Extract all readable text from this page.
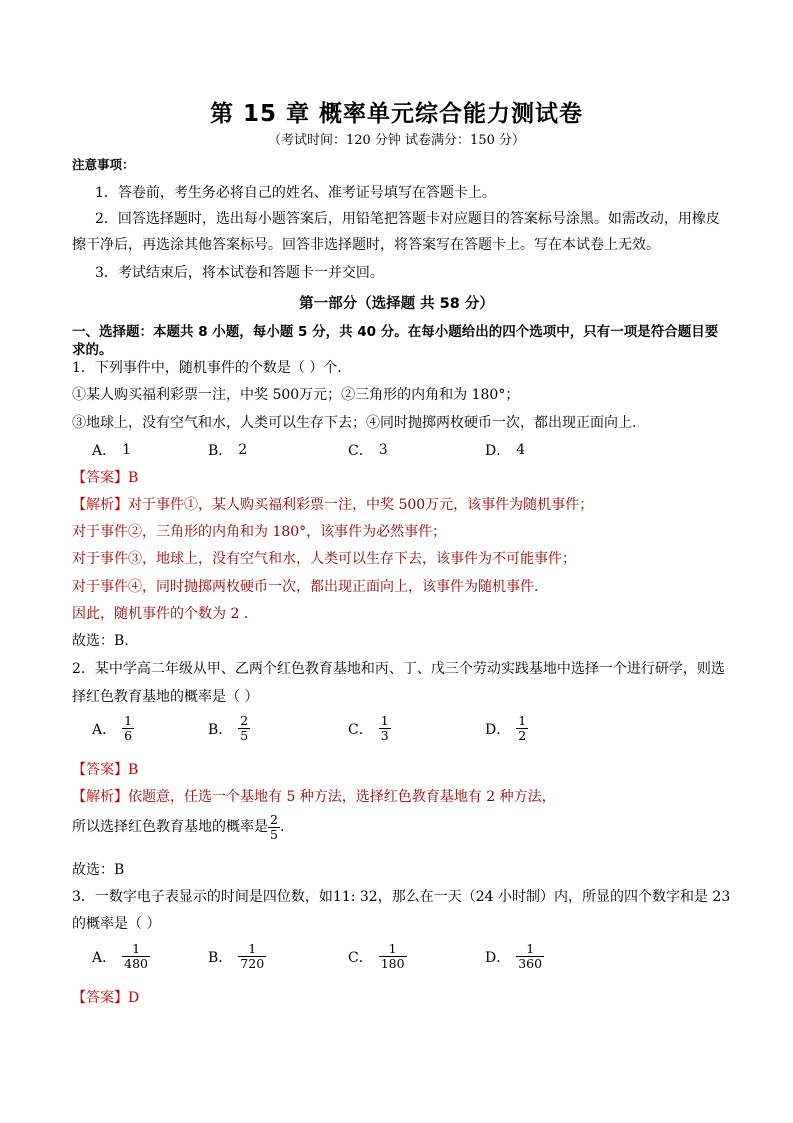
第 15 章 概率单元综合能力测试卷
（考试时间：120 分钟 试卷满分：150 分）
注意事项：
1．答卷前，考生务必将自己的姓名、准考证号填写在答题卡上。
2．回答选择题时，选出每小题答案后，用铅笔把答题卡对应题目的答案标号涂黑。如需改动，用橡皮
擦干净后，再选涂其他答案标号。回答非选择题时，将答案写在答题卡上。写在本试卷上无效。
3．考试结束后，将本试卷和答题卡一并交回。
第一部分（选择题 共 58 分）
一、选择题：本题共 8 小题，每小题 5 分，共 40 分。在每小题给出的四个选项中，只有一项是符合题目要
求的。
1．下列事件中，随机事件的个数是（ ）个．
①某人购买福利彩票一注，中奖 500万元；②三角形的内角和为 180°；
③地球上，没有空气和水，人类可以生存下去；④同时抛掷两枚硬币一次，都出现正面向上．
A． 1	B． 2	C． 3	D． 4
【答案】B
【解析】对于事件①，某人购买福利彩票一注，中奖 500万元，该事件为随机事件；
对于事件②，三角形的内角和为 180°，该事件为必然事件；
对于事件③，地球上，没有空气和水，人类可以生存下去，该事件为不可能事件；
对于事件④，同时抛掷两枚硬币一次，都出现正面向上，该事件为随机事件.
因此，随机事件的个数为 2 .
故选：B.
2．某中学高二年级从甲、乙两个红色教育基地和丙、丁、戊三个劳动实践基地中选择一个进行研学，则选
择红色教育基地的概率是（ ）
A． $\frac{1}{6}$	B． $\frac{2}{5}$	C． $\frac{1}{3}$	D． $\frac{1}{2}$
【答案】B
【解析】依题意，任选一个基地有 5 种方法，选择红色教育基地有 2 种方法，
所以选择红色教育基地的概率是 $\frac{2}{5}$ .
故选：B
3．一数字电子表显示的时间是四位数，如11: 32，那么在一天（24 小时制）内，所显的四个数字和是 23
的概率是（ ）
A． $\frac{1}{480}$	B． $\frac{1}{720}$	C． $\frac{1}{180}$	D． $\frac{1}{360}$
【答案】D
